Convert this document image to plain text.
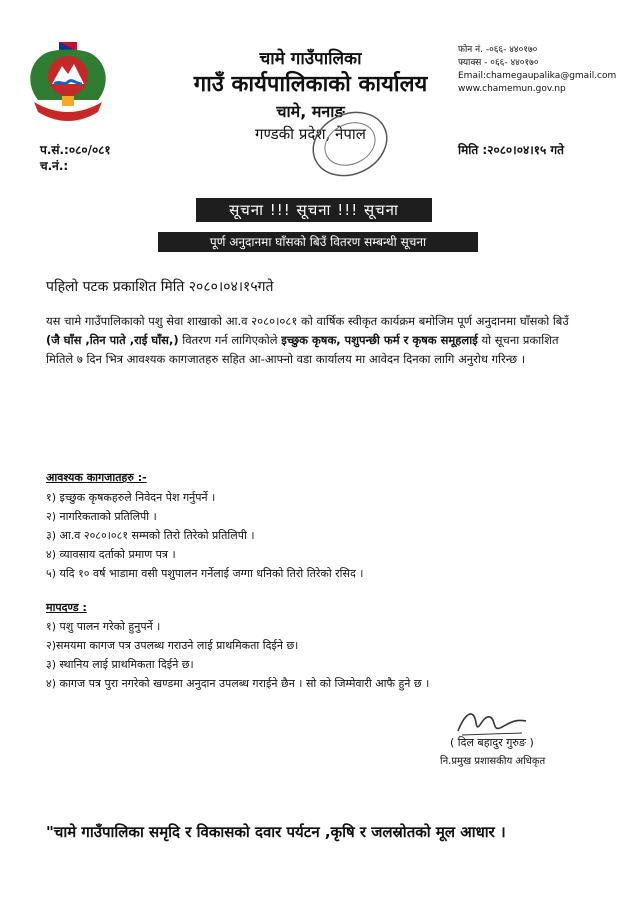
चामे गाउँपालिका
गाउँ कार्यपालिकाको कार्यालय
चामे, मनाङ
गण्डकी प्रदेश, नेपाल
फोन नं. -०६६- ४४०१७०
फ्याक्स - ०६६- ४४०१७०
Email:chamegaupalika@gmail.com
www.chamemun.gov.np
प.सं.:०८०/०८१
च.नं.:
मिति :२०८०।०४।१५ गते
सूचना !!! सूचना !!! सूचना
पूर्ण अनुदानमा घाँसको बिउँ वितरण सम्बन्धी सूचना
पहिलो पटक प्रकाशित मिति २०८०।०४।१५गते
यस चामे गाउँपालिकाको पशु सेवा शाखाको आ.व २०८०।०८१ को वार्षिक स्वीकृत कार्यक्रम बमोजिम पूर्ण अनुदानमा घाँसको बिउँ (जै घाँस ,तिन पाते ,राई घाँस,) वितरण गर्न लागिएकोले इच्छुक कृषक, पशुपन्छी फर्म र कृषक समूहलाई यो सूचना प्रकाशित मितिले ७ दिन भित्र आवश्यक कागजातहरु सहित आ-आफ्नो वडा कार्यालय मा आवेदन दिनका लागि अनुरोध गरिन्छ ।
आवश्यक कागजातहरु :-
१) इच्छुक कृषकहरुले निवेदन पेश गर्नुपर्ने ।
२) नागरिकताको प्रतिलिपी ।
३) आ.व २०८०।०८१ सम्मको तिरो तिरेको प्रतिलिपी ।
४) व्यावसाय दर्ताको प्रमाण पत्र ।
५) यदि १० वर्ष भाडामा वसी पशुपालन गर्नेलाई जग्गा धनिको तिरो तिरेको रसिद ।
मापदण्ड :
१) पशु पालन गरेको हुनुपर्ने ।
२)समयमा कागज पत्र उपलब्ध गराउने लाई प्राथमिकता दिईने छ।
३) स्थानिय लाई प्राथमिकता दिईने छ।
४) कागज पत्र पुरा नगरेको खण्डमा अनुदान उपलब्ध गराईने छैन । सो को जिम्मेवारी आफै हुने छ ।
( दिल बहादुर गुरुङ )
नि.प्रमुख प्रशासकीय अधिकृत
"चामे गाउँपालिका समृदि र विकासको दवार पर्यटन ,कृषि र जलस्रोतको मूल आधार ।
